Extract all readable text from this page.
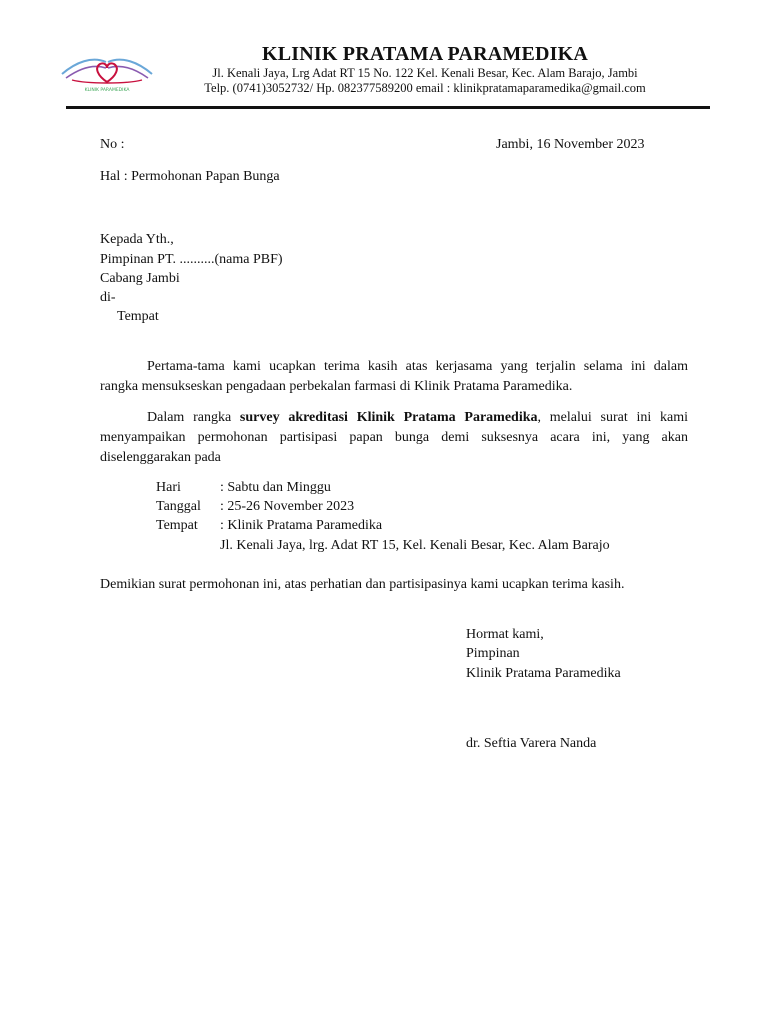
KLINIK PARAMEDIKA
KLINIK PRATAMA PARAMEDIKA
Jl. Kenali Jaya, Lrg Adat RT 15 No. 122 Kel. Kenali Besar, Kec. Alam Barajo, Jambi
Telp. (0741)3052732/ Hp. 082377589200 email : klinikpratamaparamedika@gmail.com
No :	Jambi, 16 November 2023
Hal : Permohonan Papan Bunga
Kepada Yth.,
Pimpinan PT. ..........(nama PBF)
Cabang Jambi
di-
Tempat
Pertama-tama kami ucapkan terima kasih atas kerjasama yang terjalin selama ini dalam
rangka mensukseskan pengadaan perbekalan farmasi di Klinik Pratama Paramedika.
Dalam rangka survey akreditasi Klinik Pratama Paramedika, melalui surat ini kami
menyampaikan permohonan partisipasi papan bunga demi suksesnya acara ini, yang akan
diselenggarakan pada
Hari	: Sabtu dan Minggu
Tanggal : 25-26 November 2023
Tempat : Klinik Pratama Paramedika
Jl. Kenali Jaya, lrg. Adat RT 15, Kel. Kenali Besar, Kec. Alam Barajo
Demikian surat permohonan ini, atas perhatian dan partisipasinya kami ucapkan terima kasih.
Hormat kami,
Pimpinan
Klinik Pratama Paramedika
dr. Seftia Varera Nanda
